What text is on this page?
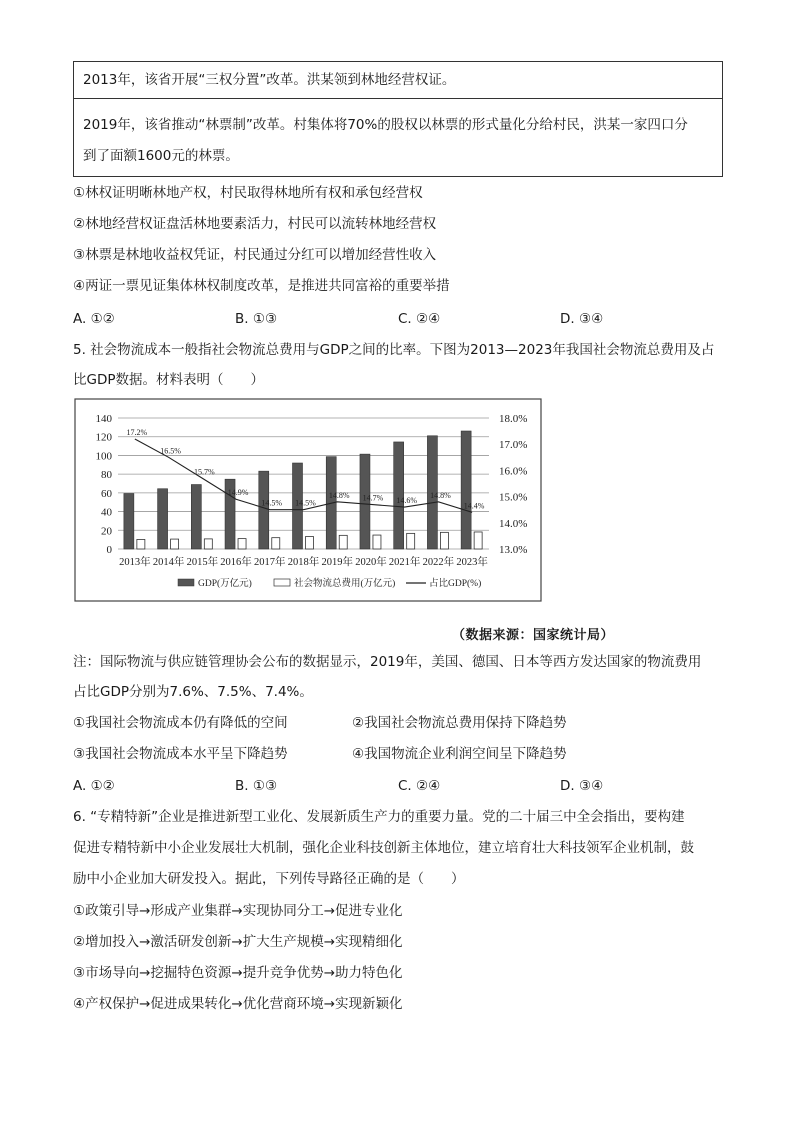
2013年，该省开展“三权分置”改革。洪某领到林地经营权证。
2019年，该省推动“林票制”改革。村集体将70%的股权以林票的形式量化分给村民，洪某一家四口分
到了面额1600元的林票。
①林权证明晰林地产权，村民取得林地所有权和承包经营权
②林地经营权证盘活林地要素活力，村民可以流转林地经营权
③林票是林地收益权凭证，村民通过分红可以增加经营性收入
④两证一票见证集体林权制度改革，是推进共同富裕的重要举措
A. ①②	B. ①③	C. ②④	D. ③④
5. 社会物流成本一般指社会物流总费用与GDP之间的比率。下图为2013—2023年我国社会物流总费用及占
比GDP数据。材料表明（　　）
0
20
40
60
80
100
120
140
13.0%
14.0%
15.0%
16.0%
17.0%
18.0%
2013年 2014年 2015年 2016年 2017年 2018年 2019年 2020年 2021年 2022年 2023年
17.2%
16.5%
15.7%
14.9%
14.5% 14.5%
14.8% 14.7% 14.6%
14.8%
14.4%
GDP(万亿元)	社会物流总费用(万亿元)	占比GDP(%)
（数据来源：国家统计局）
注：国际物流与供应链管理协会公布的数据显示，2019年，美国、德国、日本等西方发达国家的物流费用
占比GDP分别为7.6%、7.5%、7.4%。
①我国社会物流成本仍有降低的空间	②我国社会物流总费用保持下降趋势
③我国社会物流成本水平呈下降趋势	④我国物流企业利润空间呈下降趋势
A. ①②	B. ①③	C. ②④	D. ③④
6. “专精特新”企业是推进新型工业化、发展新质生产力的重要力量。党的二十届三中全会指出，要构建
促进专精特新中小企业发展壮大机制，强化企业科技创新主体地位，建立培育壮大科技领军企业机制，鼓
励中小企业加大研发投入。据此，下列传导路径正确的是（　　）
①政策引导→形成产业集群→实现协同分工→促进专业化
②增加投入→激活研发创新→扩大生产规模→实现精细化
③市场导向→挖掘特色资源→提升竞争优势→助力特色化
④产权保护→促进成果转化→优化营商环境→实现新颖化
